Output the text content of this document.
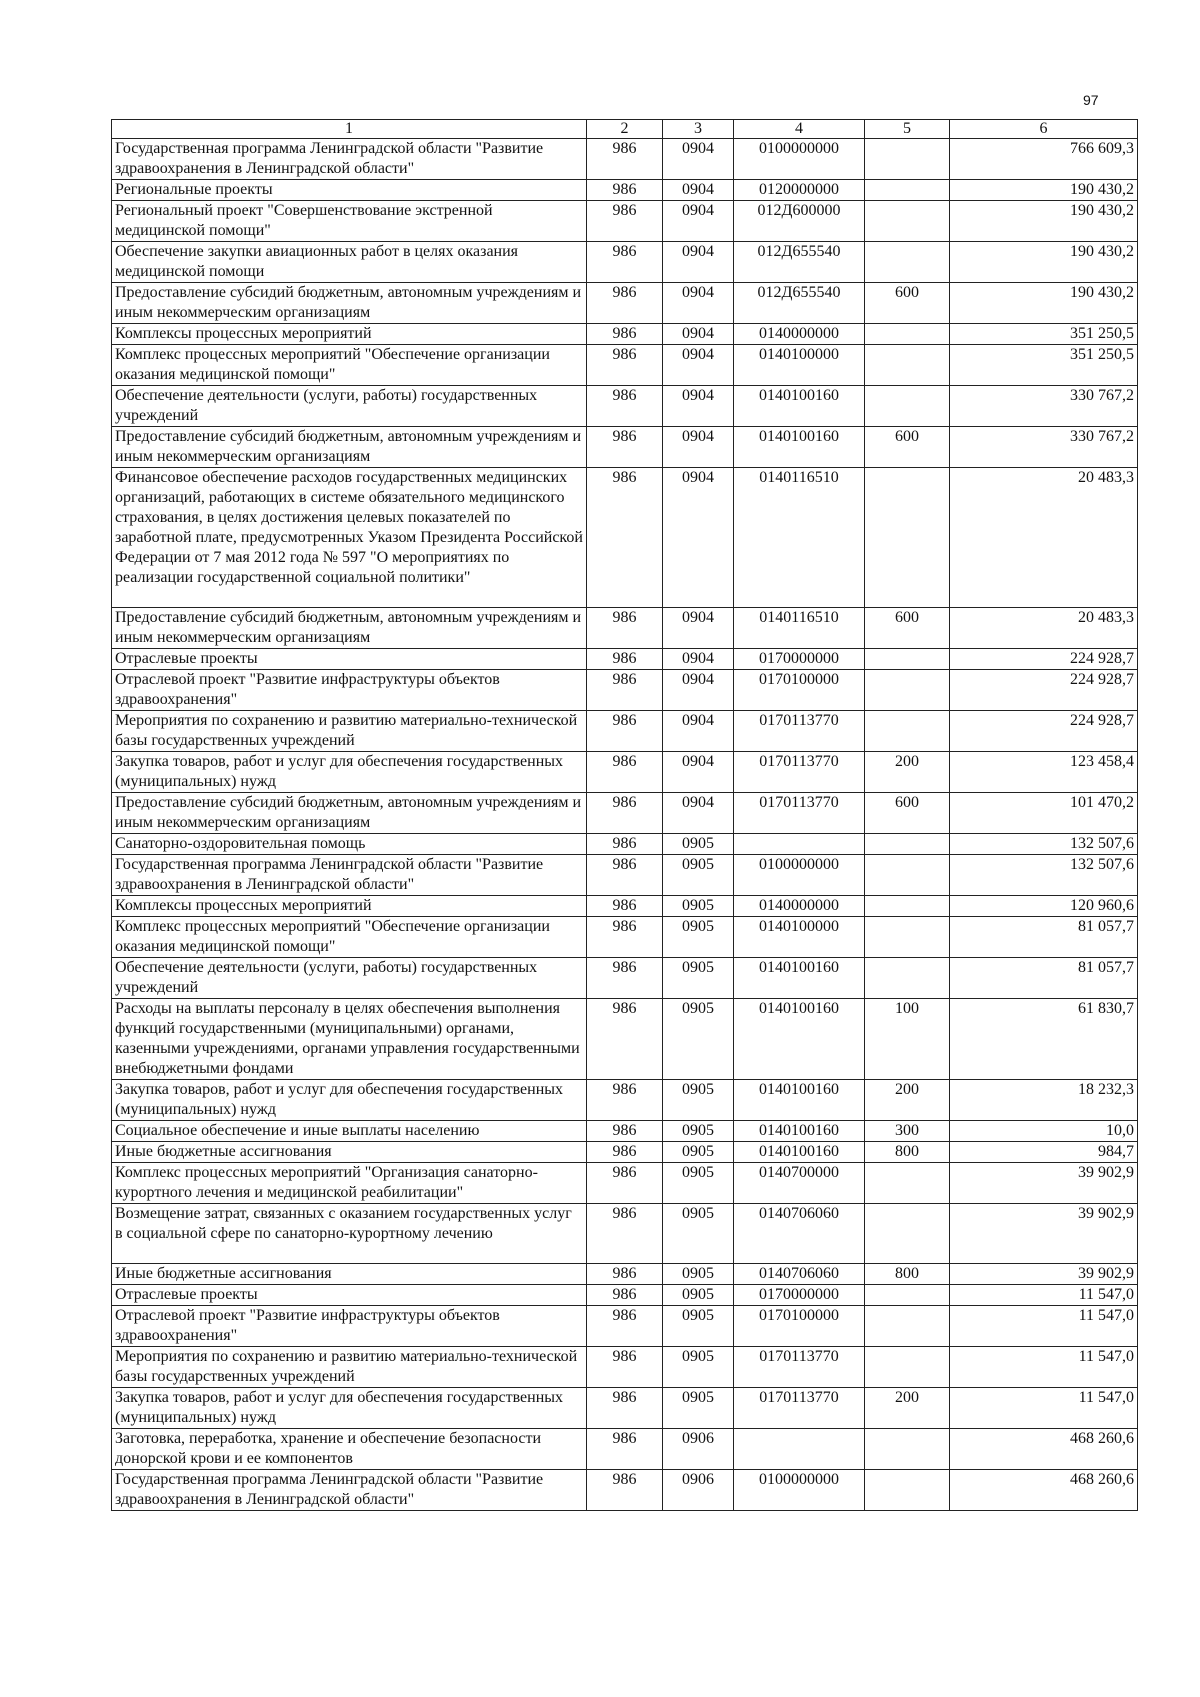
97
1	2	3	4	5	6
Государственная программа Ленинградской области "Развитие здравоохранения в Ленинградской области"	986	0904	0100000000		766 609,3
Региональные проекты	986	0904	0120000000		190 430,2
Региональный проект "Совершенствование экстренной медицинской помощи"	986	0904	012Д600000		190 430,2
Обеспечение закупки авиационных работ в целях оказания медицинской помощи	986	0904	012Д655540		190 430,2
Предоставление субсидий бюджетным, автономным учреждениям и иным некоммерческим организациям	986	0904	012Д655540	600	190 430,2
Комплексы процессных мероприятий	986	0904	0140000000		351 250,5
Комплекс процессных мероприятий "Обеспечение организации оказания медицинской помощи"	986	0904	0140100000		351 250,5
Обеспечение деятельности (услуги, работы) государственных учреждений	986	0904	0140100160		330 767,2
Предоставление субсидий бюджетным, автономным учреждениям и иным некоммерческим организациям	986	0904	0140100160	600	330 767,2
Финансовое обеспечение расходов государственных медицинских организаций, работающих в системе обязательного медицинского страхования, в целях достижения целевых показателей по заработной плате, предусмотренных Указом Президента Российской Федерации от 7 мая 2012 года № 597 "О мероприятиях по реализации государственной социальной политики"	986	0904	0140116510		20 483,3
Предоставление субсидий бюджетным, автономным учреждениям и иным некоммерческим организациям	986	0904	0140116510	600	20 483,3
Отраслевые проекты	986	0904	0170000000		224 928,7
Отраслевой проект "Развитие инфраструктуры объектов здравоохранения"	986	0904	0170100000		224 928,7
Мероприятия по сохранению и развитию материально-технической базы государственных учреждений	986	0904	0170113770		224 928,7
Закупка товаров, работ и услуг для обеспечения государственных (муниципальных) нужд	986	0904	0170113770	200	123 458,4
Предоставление субсидий бюджетным, автономным учреждениям и иным некоммерческим организациям	986	0904	0170113770	600	101 470,2
Санаторно-оздоровительная помощь	986	0905			132 507,6
Государственная программа Ленинградской области "Развитие здравоохранения в Ленинградской области"	986	0905	0100000000		132 507,6
Комплексы процессных мероприятий	986	0905	0140000000		120 960,6
Комплекс процессных мероприятий "Обеспечение организации оказания медицинской помощи"	986	0905	0140100000		81 057,7
Обеспечение деятельности (услуги, работы) государственных учреждений	986	0905	0140100160		81 057,7
Расходы на выплаты персоналу в целях обеспечения выполнения функций государственными (муниципальными) органами, казенными учреждениями, органами управления государственными внебюджетными фондами	986	0905	0140100160	100	61 830,7
Закупка товаров, работ и услуг для обеспечения государственных (муниципальных) нужд	986	0905	0140100160	200	18 232,3
Социальное обеспечение и иные выплаты населению	986	0905	0140100160	300	10,0
Иные бюджетные ассигнования	986	0905	0140100160	800	984,7
Комплекс процессных мероприятий "Организация санаторно-курортного лечения и медицинской реабилитации"	986	0905	0140700000		39 902,9
Возмещение затрат, связанных с оказанием государственных услуг в социальной сфере по санаторно-курортному лечению	986	0905	0140706060		39 902,9
Иные бюджетные ассигнования	986	0905	0140706060	800	39 902,9
Отраслевые проекты	986	0905	0170000000		11 547,0
Отраслевой проект "Развитие инфраструктуры объектов здравоохранения"	986	0905	0170100000		11 547,0
Мероприятия по сохранению и развитию материально-технической базы государственных учреждений	986	0905	0170113770		11 547,0
Закупка товаров, работ и услуг для обеспечения государственных (муниципальных) нужд	986	0905	0170113770	200	11 547,0
Заготовка, переработка, хранение и обеспечение безопасности донорской крови и ее компонентов	986	0906			468 260,6
Государственная программа Ленинградской области "Развитие здравоохранения в Ленинградской области"	986	0906	0100000000		468 260,6
